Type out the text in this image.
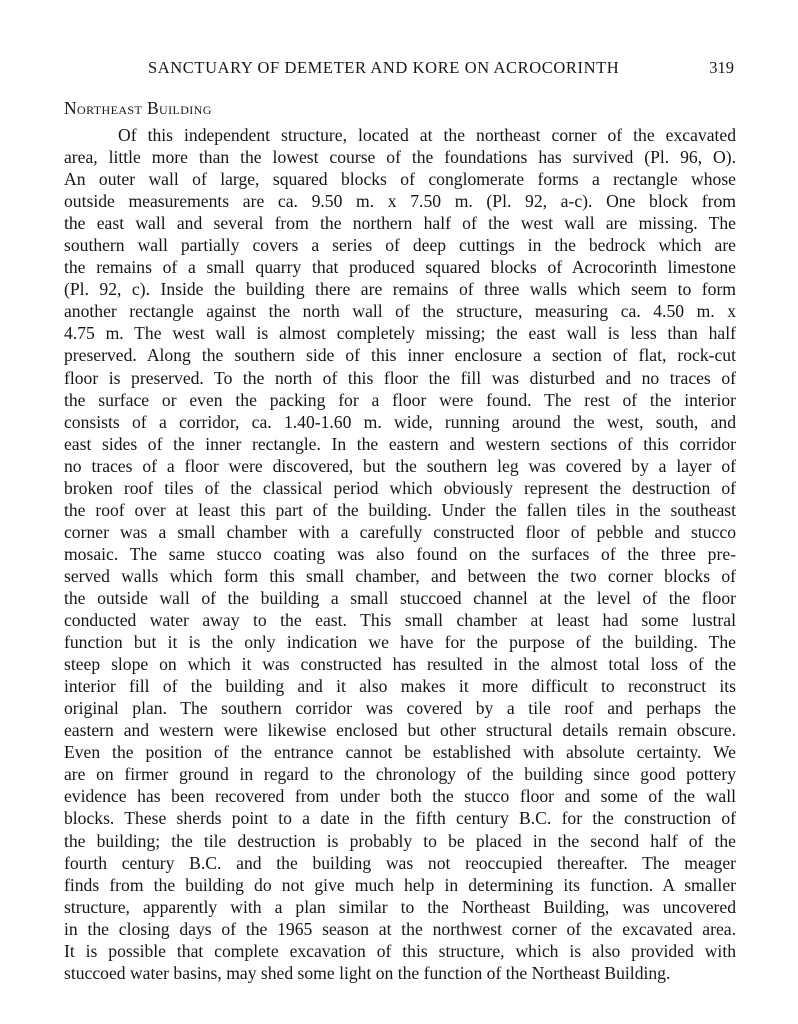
SANCTUARY OF DEMETER AND KORE ON ACROCORINTH	319
Northeast Building
Of this independent structure, located at the northeast corner of the excavated
area, little more than the lowest course of the foundations has survived (Pl. 96, O).
An outer wall of large, squared blocks of conglomerate forms a rectangle whose
outside measurements are ca. 9.50 m. x 7.50 m. (Pl. 92, a-c). One block from
the east wall and several from the northern half of the west wall are missing. The
southern wall partially covers a series of deep cuttings in the bedrock which are
the remains of a small quarry that produced squared blocks of Acrocorinth limestone
(Pl. 92, c). Inside the building there are remains of three walls which seem to form
another rectangle against the north wall of the structure, measuring ca. 4.50 m. x
4.75 m. The west wall is almost completely missing; the east wall is less than half
preserved. Along the southern side of this inner enclosure a section of flat, rock-cut
floor is preserved. To the north of this floor the fill was disturbed and no traces of
the surface or even the packing for a floor were found. The rest of the interior
consists of a corridor, ca. 1.40-1.60 m. wide, running around the west, south, and
east sides of the inner rectangle. In the eastern and western sections of this corridor
no traces of a floor were discovered, but the southern leg was covered by a layer of
broken roof tiles of the classical period which obviously represent the destruction of
the roof over at least this part of the building. Under the fallen tiles in the southeast
corner was a small chamber with a carefully constructed floor of pebble and stucco
mosaic. The same stucco coating was also found on the surfaces of the three pre-
served walls which form this small chamber, and between the two corner blocks of
the outside wall of the building a small stuccoed channel at the level of the floor
conducted water away to the east. This small chamber at least had some lustral
function but it is the only indication we have for the purpose of the building. The
steep slope on which it was constructed has resulted in the almost total loss of the
interior fill of the building and it also makes it more difficult to reconstruct its
original plan. The southern corridor was covered by a tile roof and perhaps the
eastern and western were likewise enclosed but other structural details remain obscure.
Even the position of the entrance cannot be established with absolute certainty. We
are on firmer ground in regard to the chronology of the building since good pottery
evidence has been recovered from under both the stucco floor and some of the wall
blocks. These sherds point to a date in the fifth century B.C. for the construction of
the building; the tile destruction is probably to be placed in the second half of the
fourth century B.C. and the building was not reoccupied thereafter. The meager
finds from the building do not give much help in determining its function. A smaller
structure, apparently with a plan similar to the Northeast Building, was uncovered
in the closing days of the 1965 season at the northwest corner of the excavated area.
It is possible that complete excavation of this structure, which is also provided with
stuccoed water basins, may shed some light on the function of the Northeast Building.
